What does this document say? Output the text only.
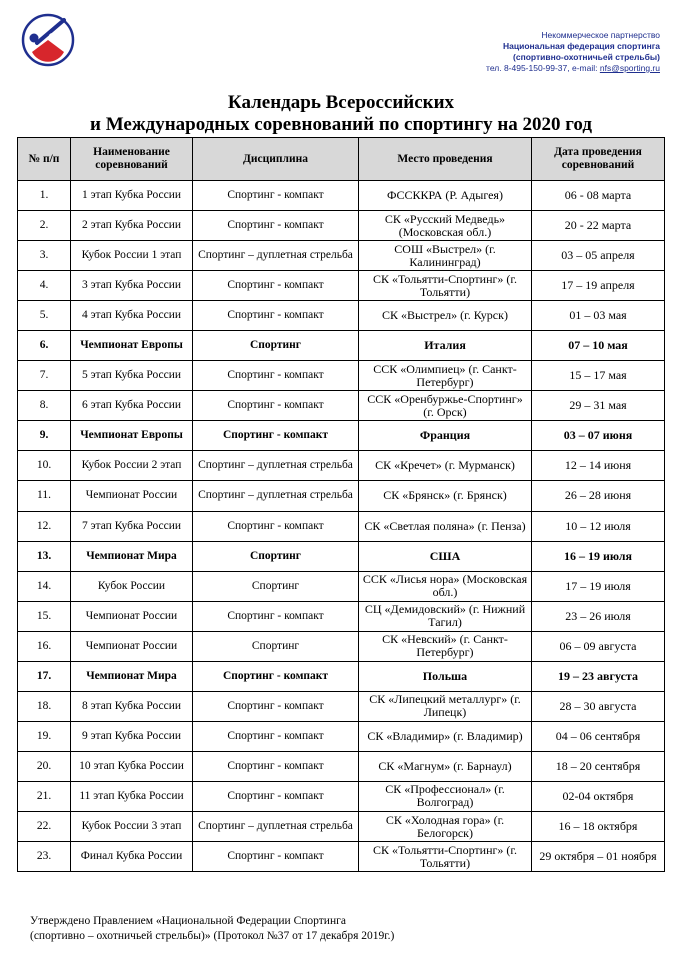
Некоммерческое партнерство
Национальная федерация спортинга
(спортивно-охотничьей стрельбы)
тел. 8-495-150-99-37, e-mail: nfs@sporting.ru
Календарь Всероссийских
и Международных соревнований по спортингу на 2020 год
№ п/п	Наименование соревнований	Дисциплина	Место проведения	Дата проведения соревнований
1.	1 этап Кубка России	Спортинг - компакт	ФССККРА (Р. Адыгея)	06 - 08 марта
2.	2 этап Кубка России	Спортинг - компакт	СК «Русский Медведь» (Московская обл.)	20 - 22 марта
3.	Кубок России 1 этап	Спортинг – дуплетная стрельба	СОШ «Выстрел» (г. Калининград)	03 – 05 апреля
4.	3 этап Кубка России	Спортинг - компакт	СК «Тольятти-Спортинг» (г. Тольятти)	17 – 19 апреля
5.	4 этап Кубка России	Спортинг - компакт	СК «Выстрел» (г. Курск)	01 – 03 мая
6.	Чемпионат Европы	Спортинг	Италия	07 – 10 мая
7.	5 этап Кубка России	Спортинг - компакт	ССК «Олимпиец» (г. Санкт-Петербург)	15 – 17 мая
8.	6 этап Кубка России	Спортинг - компакт	ССК «Оренбуржье-Спортинг» (г. Орск)	29 – 31 мая
9.	Чемпионат Европы	Спортинг - компакт	Франция	03 – 07 июня
10.	Кубок России 2 этап	Спортинг – дуплетная стрельба	СК «Кречет» (г. Мурманск)	12 – 14 июня
11.	Чемпионат России	Спортинг – дуплетная стрельба	СК «Брянск» (г. Брянск)	26 – 28 июня
12.	7 этап Кубка России	Спортинг - компакт	СК «Светлая поляна» (г. Пенза)	10 – 12 июля
13.	Чемпионат Мира	Спортинг	США	16 – 19 июля
14.	Кубок России	Спортинг	ССК «Лисья нора» (Московская обл.)	17 – 19 июля
15.	Чемпионат России	Спортинг - компакт	СЦ «Демидовский» (г. Нижний Тагил)	23 – 26 июля
16.	Чемпионат России	Спортинг	СК «Невский» (г. Санкт-Петербург)	06 – 09 августа
17.	Чемпионат Мира	Спортинг - компакт	Польша	19 – 23 августа
18.	8 этап Кубка России	Спортинг - компакт	СК «Липецкий металлург» (г. Липецк)	28 – 30 августа
19.	9 этап Кубка России	Спортинг - компакт	СК «Владимир» (г. Владимир)	04 – 06 сентября
20.	10 этап Кубка России	Спортинг - компакт	СК «Магнум» (г. Барнаул)	18 – 20 сентября
21.	11 этап Кубка России	Спортинг - компакт	СК «Профессионал» (г. Волгоград)	02-04 октября
22.	Кубок России 3 этап	Спортинг – дуплетная стрельба	СК «Холодная гора» (г. Белогорск)	16 – 18 октября
23.	Финал Кубка России	Спортинг - компакт	СК «Тольятти-Спортинг» (г. Тольятти)	29 октября – 01 ноября
Утверждено Правлением «Национальной Федерации Спортинга
(спортивно – охотничьей стрельбы)» (Протокол №37 от 17 декабря 2019г.)
